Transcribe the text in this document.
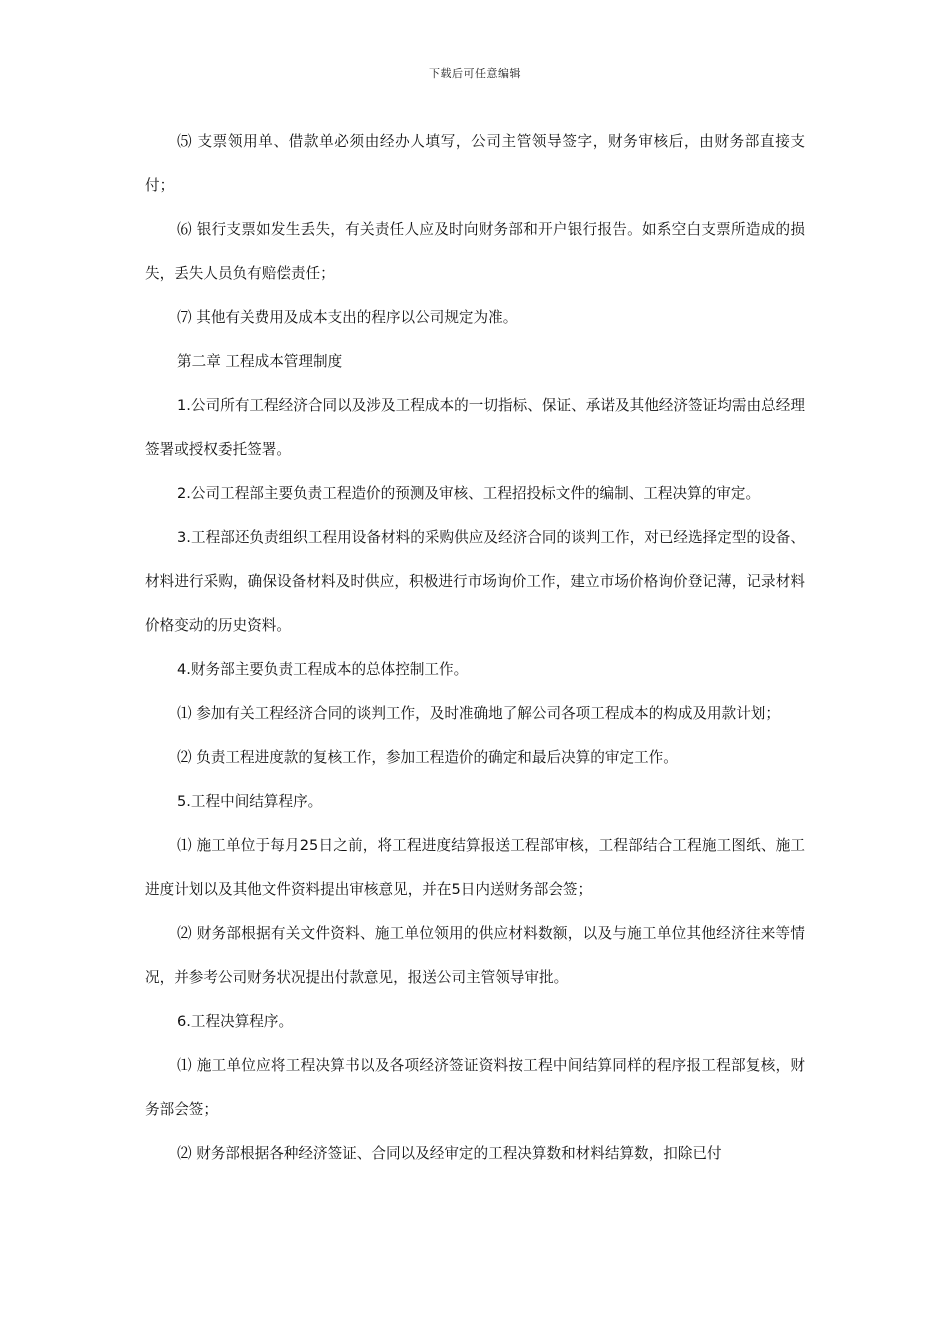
下载后可任意编辑

⑸ 支票领用单、借款单必须由经办人填写，公司主管领导签字，财务审核后，由财务部直接支付；

⑹ 银行支票如发生丢失，有关责任人应及时向财务部和开户银行报告。如系空白支票所造成的损失，丢失人员负有赔偿责任；

⑺ 其他有关费用及成本支出的程序以公司规定为准。

第二章 工程成本管理制度

1.公司所有工程经济合同以及涉及工程成本的一切指标、保证、承诺及其他经济签证均需由总经理签署或授权委托签署。

2.公司工程部主要负责工程造价的预测及审核、工程招投标文件的编制、工程决算的审定。

3.工程部还负责组织工程用设备材料的采购供应及经济合同的谈判工作，对已经选择定型的设备、材料进行采购，确保设备材料及时供应，积极进行市场询价工作，建立市场价格询价登记薄，记录材料价格变动的历史资料。

4.财务部主要负责工程成本的总体控制工作。

⑴ 参加有关工程经济合同的谈判工作，及时准确地了解公司各项工程成本的构成及用款计划；

⑵ 负责工程进度款的复核工作，参加工程造价的确定和最后决算的审定工作。

5.工程中间结算程序。

⑴ 施工单位于每月25日之前，将工程进度结算报送工程部审核，工程部结合工程施工图纸、施工进度计划以及其他文件资料提出审核意见，并在5日内送财务部会签；

⑵ 财务部根据有关文件资料、施工单位领用的供应材料数额，以及与施工单位其他经济往来等情况，并参考公司财务状况提出付款意见，报送公司主管领导审批。

6.工程决算程序。

⑴ 施工单位应将工程决算书以及各项经济签证资料按工程中间结算同样的程序报工程部复核，财务部会签；

⑵ 财务部根据各种经济签证、合同以及经审定的工程决算数和材料结算数，扣除已付
